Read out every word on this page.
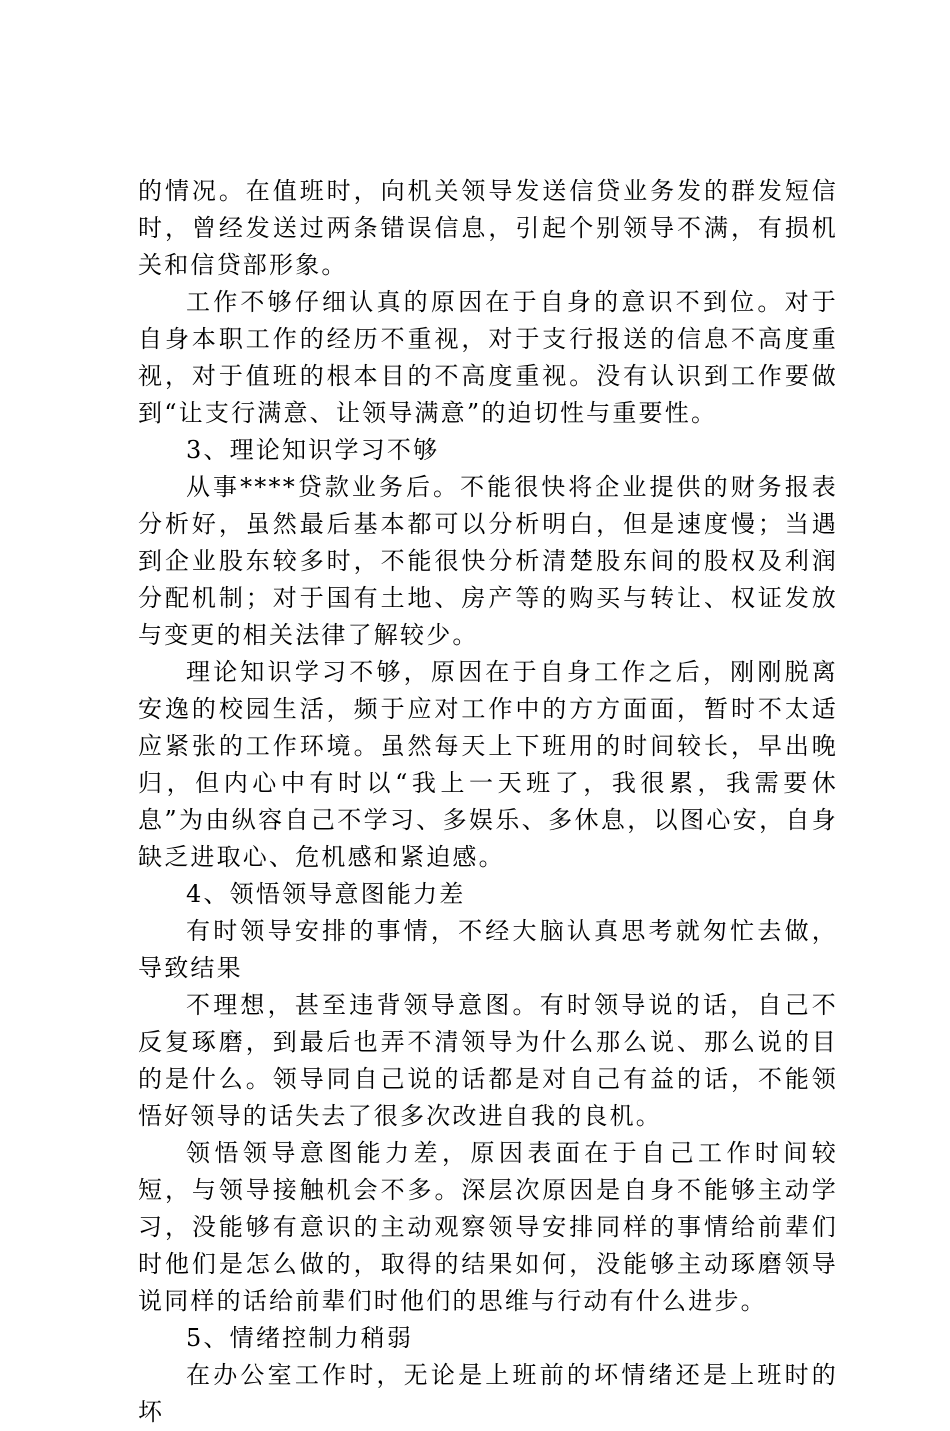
的情况。在值班时，向机关领导发送信贷业务发的群发短信时，曾经发送过两条错误信息，引起个别领导不满，有损机关和信贷部形象。

工作不够仔细认真的原因在于自身的意识不到位。对于自身本职工作的经历不重视，对于支行报送的信息不高度重视，对于值班的根本目的不高度重视。没有认识到工作要做到“让支行满意、让领导满意”的迫切性与重要性。

3、理论知识学习不够

从事****贷款业务后。不能很快将企业提供的财务报表分析好，虽然最后基本都可以分析明白，但是速度慢；当遇到企业股东较多时，不能很快分析清楚股东间的股权及利润分配机制；对于国有土地、房产等的购买与转让、权证发放与变更的相关法律了解较少。

理论知识学习不够，原因在于自身工作之后，刚刚脱离安逸的校园生活，频于应对工作中的方方面面，暂时不太适应紧张的工作环境。虽然每天上下班用的时间较长，早出晚归，但内心中有时以“我上一天班了，我很累，我需要休息”为由纵容自己不学习、多娱乐、多休息，以图心安，自身缺乏进取心、危机感和紧迫感。

4、领悟领导意图能力差

有时领导安排的事情，不经大脑认真思考就匆忙去做，导致结果

不理想，甚至违背领导意图。有时领导说的话，自己不反复琢磨，到最后也弄不清领导为什么那么说、那么说的目的是什么。领导同自己说的话都是对自己有益的话，不能领悟好领导的话失去了很多次改进自我的良机。

领悟领导意图能力差，原因表面在于自己工作时间较短，与领导接触机会不多。深层次原因是自身不能够主动学习，没能够有意识的主动观察领导安排同样的事情给前辈们时他们是怎么做的，取得的结果如何，没能够主动琢磨领导说同样的话给前辈们时他们的思维与行动有什么进步。

5、情绪控制力稍弱

在办公室工作时，无论是上班前的坏情绪还是上班时的坏
